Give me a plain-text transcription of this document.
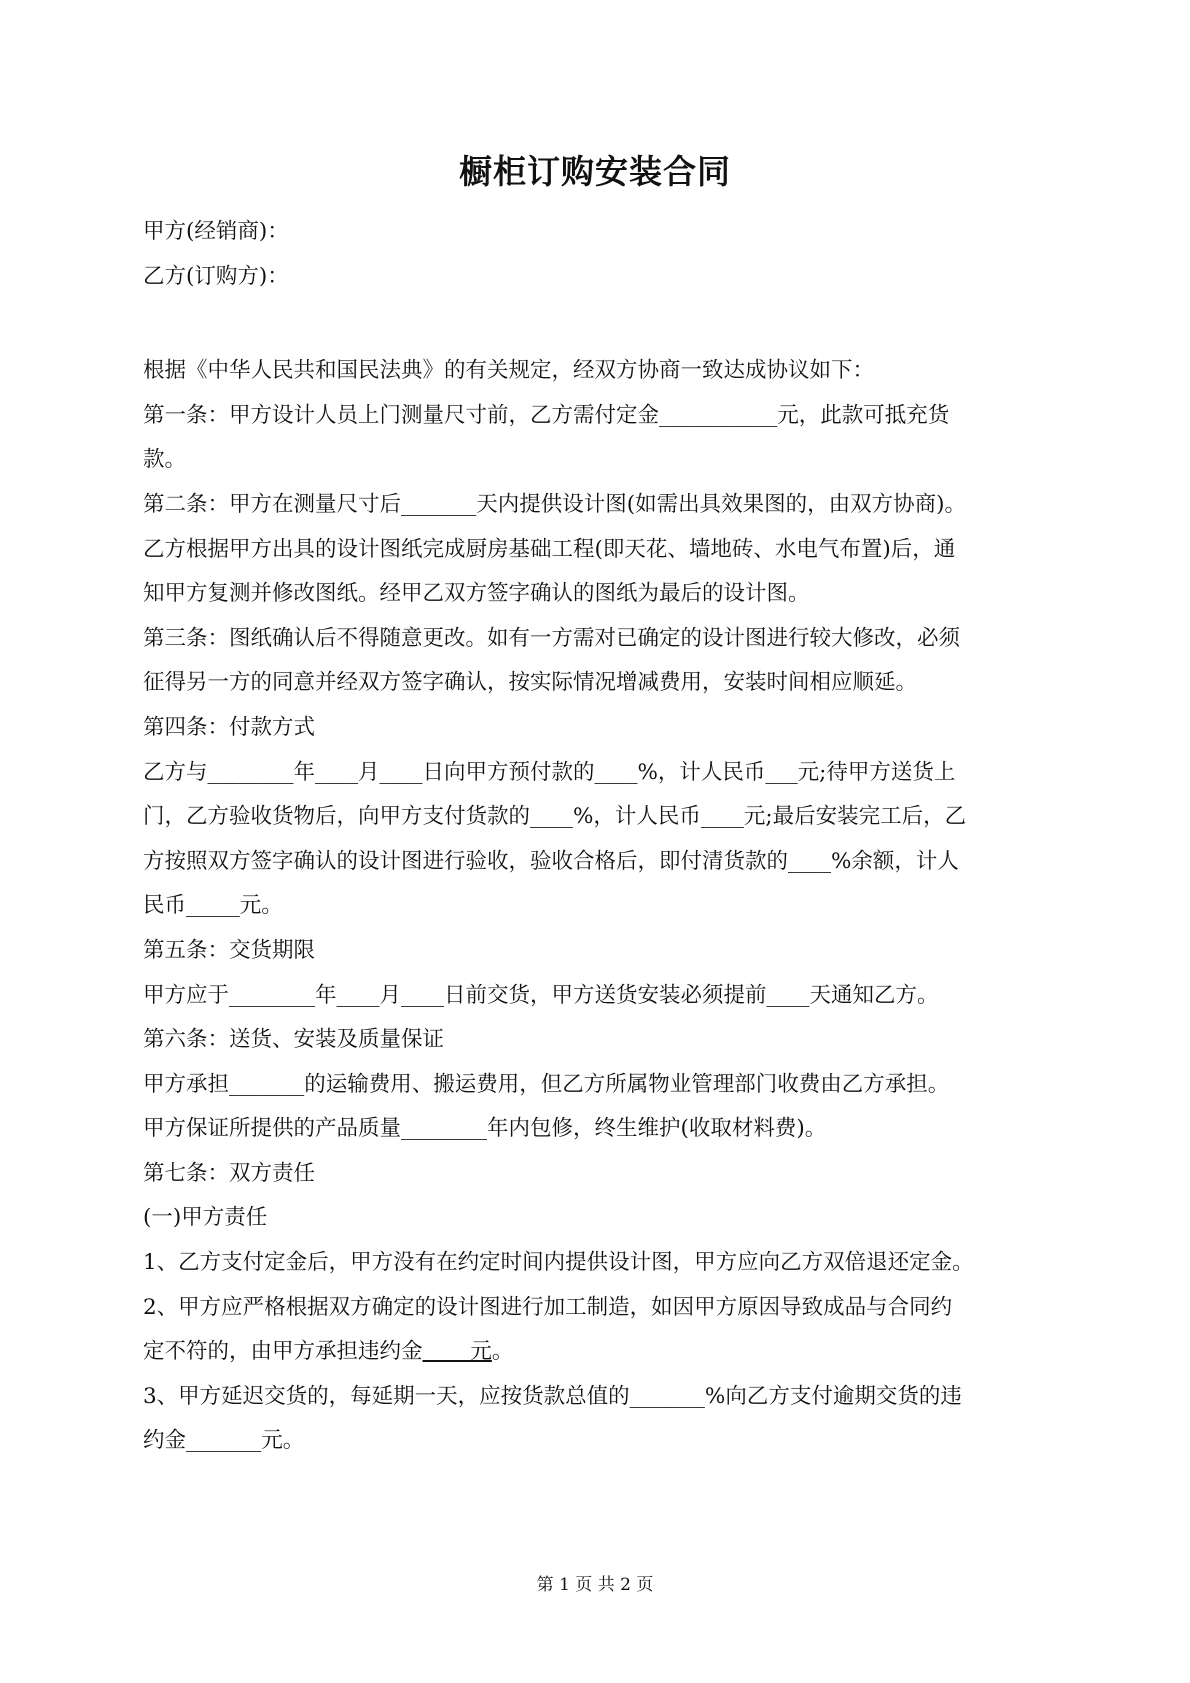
橱柜订购安装合同

甲方(经销商)：

乙方(订购方)：

根据《中华人民共和国民法典》的有关规定，经双方协商一致达成协议如下：

第一条：甲方设计人员上门测量尺寸前，乙方需付定金___________元，此款可抵充货

款。

第二条：甲方在测量尺寸后_______天内提供设计图(如需出具效果图的，由双方协商)。

乙方根据甲方出具的设计图纸完成厨房基础工程(即天花、墙地砖、水电气布置)后，通

知甲方复测并修改图纸。经甲乙双方签字确认的图纸为最后的设计图。

第三条：图纸确认后不得随意更改。如有一方需对已确定的设计图进行较大修改，必须

征得另一方的同意并经双方签字确认，按实际情况增减费用，安装时间相应顺延。

第四条：付款方式

乙方与________年____月____日向甲方预付款的____%，计人民币___元;待甲方送货上

门，乙方验收货物后，向甲方支付货款的____%，计人民币____元;最后安装完工后，乙

方按照双方签字确认的设计图进行验收，验收合格后，即付清货款的____%余额，计人

民币_____元。

第五条：交货期限

甲方应于________年____月____日前交货，甲方送货安装必须提前____天通知乙方。

第六条：送货、安装及质量保证

甲方承担_______的运输费用、搬运费用，但乙方所属物业管理部门收费由乙方承担。

甲方保证所提供的产品质量________年内包修，终生维护(收取材料费)。

第七条：双方责任

(一)甲方责任

1、乙方支付定金后，甲方没有在约定时间内提供设计图，甲方应向乙方双倍退还定金。

2、甲方应严格根据双方确定的设计图进行加工制造，如因甲方原因导致成品与合同约

定不符的，由甲方承担违约金       元。

3、甲方延迟交货的，每延期一天，应按货款总值的_______%向乙方支付逾期交货的违

约金_______元。

第 1 页 共 2 页
